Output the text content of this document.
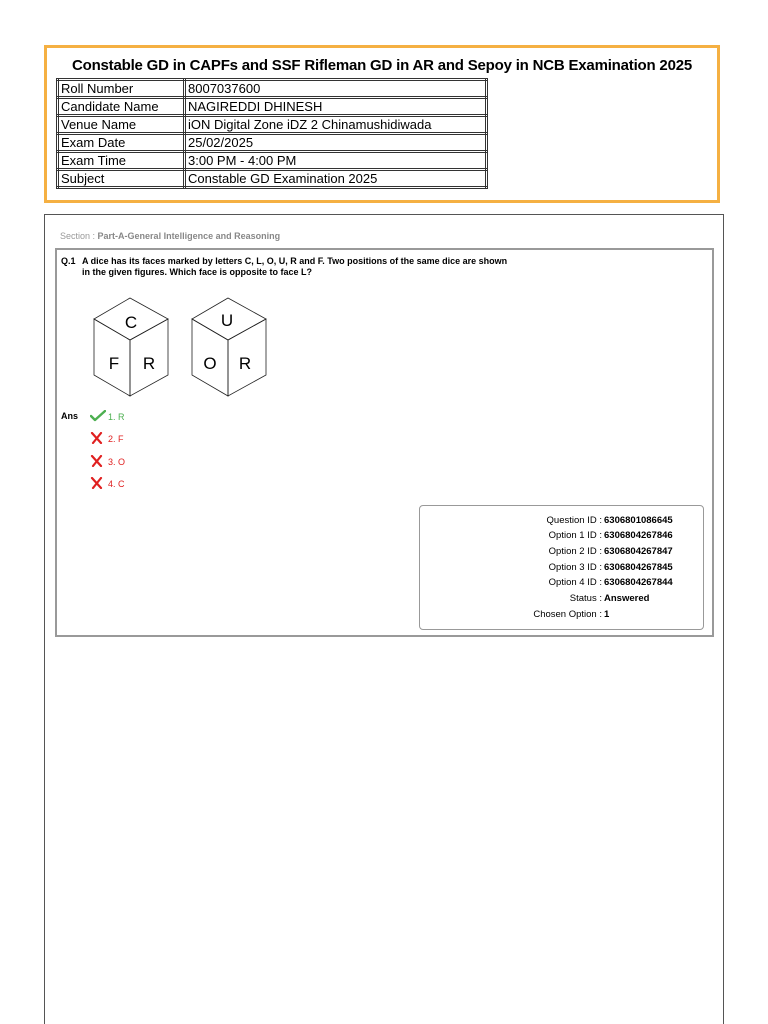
Constable GD in CAPFs and SSF Rifleman GD in AR and Sepoy in NCB Examination 2025
Roll Number	8007037600
Candidate Name	NAGIREDDI DHINESH
Venue Name	iON Digital Zone iDZ 2 Chinamushidiwada
Exam Date	25/02/2025
Exam Time	3:00 PM - 4:00 PM
Subject	Constable GD Examination 2025
Section : Part-A-General Intelligence and Reasoning
Q.1 A dice has its faces marked by letters C, L, O, U, R and F. Two positions of the same dice are shown in the given figures. Which face is opposite to face L?
C
F R
U
O R
Ans	1. R
2. F
3. O
4. C
Question ID : 6306801086645
Option 1 ID : 6306804267846
Option 2 ID : 6306804267847
Option 3 ID : 6306804267845
Option 4 ID : 6306804267844
Status : Answered
Chosen Option : 1
